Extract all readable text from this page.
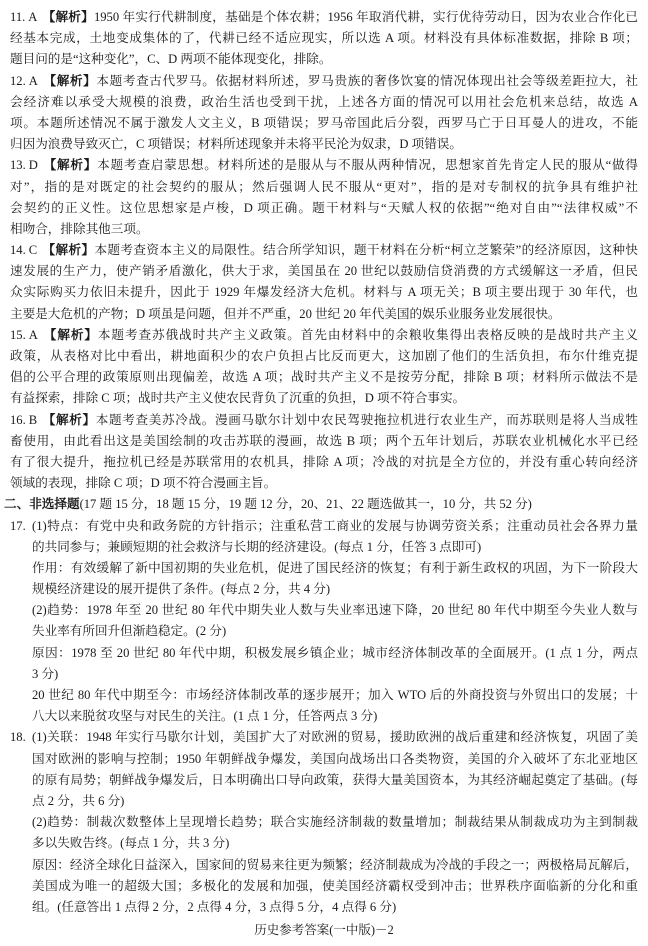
11. A 【解析】1950 年实行代耕制度，基础是个体农耕；1956 年取消代耕，实行优待劳动日，因为农业合作化已
经基本完成，土地变成集体的了，代耕已经不适应现实，所以选 A 项。材料没有具体标准数据，排除 B 项；
题目问的是“这种变化”，C、D 两项不能体现变化，排除。
12. A 【解析】本题考查古代罗马。依据材料所述，罗马贵族的奢侈饮宴的情况体现出社会等级差距拉大，社
会经济难以承受大规模的浪费，政治生活也受到干扰，上述各方面的情况可以用社会危机来总结，故选 A
项。本题所述情况不属于激发人文主义，B 项错误；罗马帝国此后分裂，西罗马亡于日耳曼人的进攻，不能
归因为浪费导致灭亡，C 项错误；材料所述现象并未将平民沦为奴隶，D 项错误。
13. D 【解析】本题考查启蒙思想。材料所述的是服从与不服从两种情况，思想家首先肯定人民的服从“做得
对”，指的是对既定的社会契约的服从；然后强调人民不服从“更对”，指的是对专制权的抗争具有维护社
会契约的正义性。这位思想家是卢梭，D 项正确。题干材料与“天赋人权的依据”“绝对自由”“法律权威”不
相吻合，排除其他三项。
14. C 【解析】本题考查资本主义的局限性。结合所学知识，题干材料在分析“柯立芝繁荣”的经济原因，这种快
速发展的生产力，使产销矛盾激化，供大于求，美国虽在 20 世纪以鼓励信贷消费的方式缓解这一矛盾，但民
众实际购买力依旧未提升，因此于 1929 年爆发经济大危机。材料与 A 项无关；B 项主要出现于 30 年代，也
主要是大危机的产物；D 项虽是问题，但并不严重，20 世纪 20 年代美国的娱乐业服务业发展很快。
15. A 【解析】本题考查苏俄战时共产主义政策。首先由材料中的余粮收集得出表格反映的是战时共产主义
政策，从表格对比中看出，耕地面积少的农户负担占比反而更大，这加剧了他们的生活负担，布尔什维克提
倡的公平合理的政策原则出现偏差，故选 A 项；战时共产主义不是按劳分配，排除 B 项；材料所示做法不是
有益探索，排除 C 项；战时共产主义使农民背负了沉重的负担，D 项不符合事实。
16. B 【解析】本题考查美苏冷战。漫画马歇尔计划中农民驾驶拖拉机进行农业生产，而苏联则是将人当成牲
畜使用，由此看出这是美国绘制的攻击苏联的漫画，故选 B 项；两个五年计划后，苏联农业机械化水平已经
有了很大提升，拖拉机已经是苏联常用的农机具，排除 A 项；冷战的对抗是全方位的，并没有重心转向经济
领域的表现，排除 C 项；D 项不符合漫画主旨。
二、非选择题(17 题 15 分，18 题 15 分，19 题 12 分，20、21、22 题选做其一，10 分，共 52 分)
17. (1)特点：有党中央和政务院的方针指示；注重私营工商业的发展与协调劳资关系；注重动员社会各界力量
的共同参与；兼顾短期的社会救济与长期的经济建设。(每点 1 分，任答 3 点即可)
作用：有效缓解了新中国初期的失业危机，促进了国民经济的恢复；有利于新生政权的巩固，为下一阶段大
规模经济建设的展开提供了条件。(每点 2 分，共 4 分)
(2)趋势：1978 年至 20 世纪 80 年代中期失业人数与失业率迅速下降，20 世纪 80 年代中期至今失业人数与
失业率有所回升但渐趋稳定。(2 分)
原因：1978 至 20 世纪 80 年代中期，积极发展乡镇企业；城市经济体制改革的全面展开。(1 点 1 分，两点
3 分)
20 世纪 80 年代中期至今：市场经济体制改革的逐步展开；加入 WTO 后的外商投资与外贸出口的发展；十
八大以来脱贫攻坚与对民生的关注。(1 点 1 分，任答两点 3 分)
18. (1)关联：1948 年实行马歇尔计划，美国扩大了对欧洲的贸易，援助欧洲的战后重建和经济恢复，巩固了美
国对欧洲的影响与控制；1950 年朝鲜战争爆发，美国向战场出口各类物资，美国的介入破坏了东北亚地区
的原有局势；朝鲜战争爆发后，日本明确出口导向政策，获得大量美国资本，为其经济崛起奠定了基础。(每
点 2 分，共 6 分)
(2)趋势：制裁次数整体上呈现增长趋势；联合实施经济制裁的数量增加；制裁结果从制裁成功为主到制裁
多以失败告终。(每点 1 分，共 3 分)
原因：经济全球化日益深入，国家间的贸易来往更为频繁；经济制裁成为冷战的手段之一；两极格局瓦解后，
美国成为唯一的超级大国；多极化的发展和加强，使美国经济霸权受到冲击；世界秩序面临新的分化和重
组。(任意答出 1 点得 2 分，2 点得 4 分，3 点得 5 分，4 点得 6 分)
历史参考答案(一中版)－2
